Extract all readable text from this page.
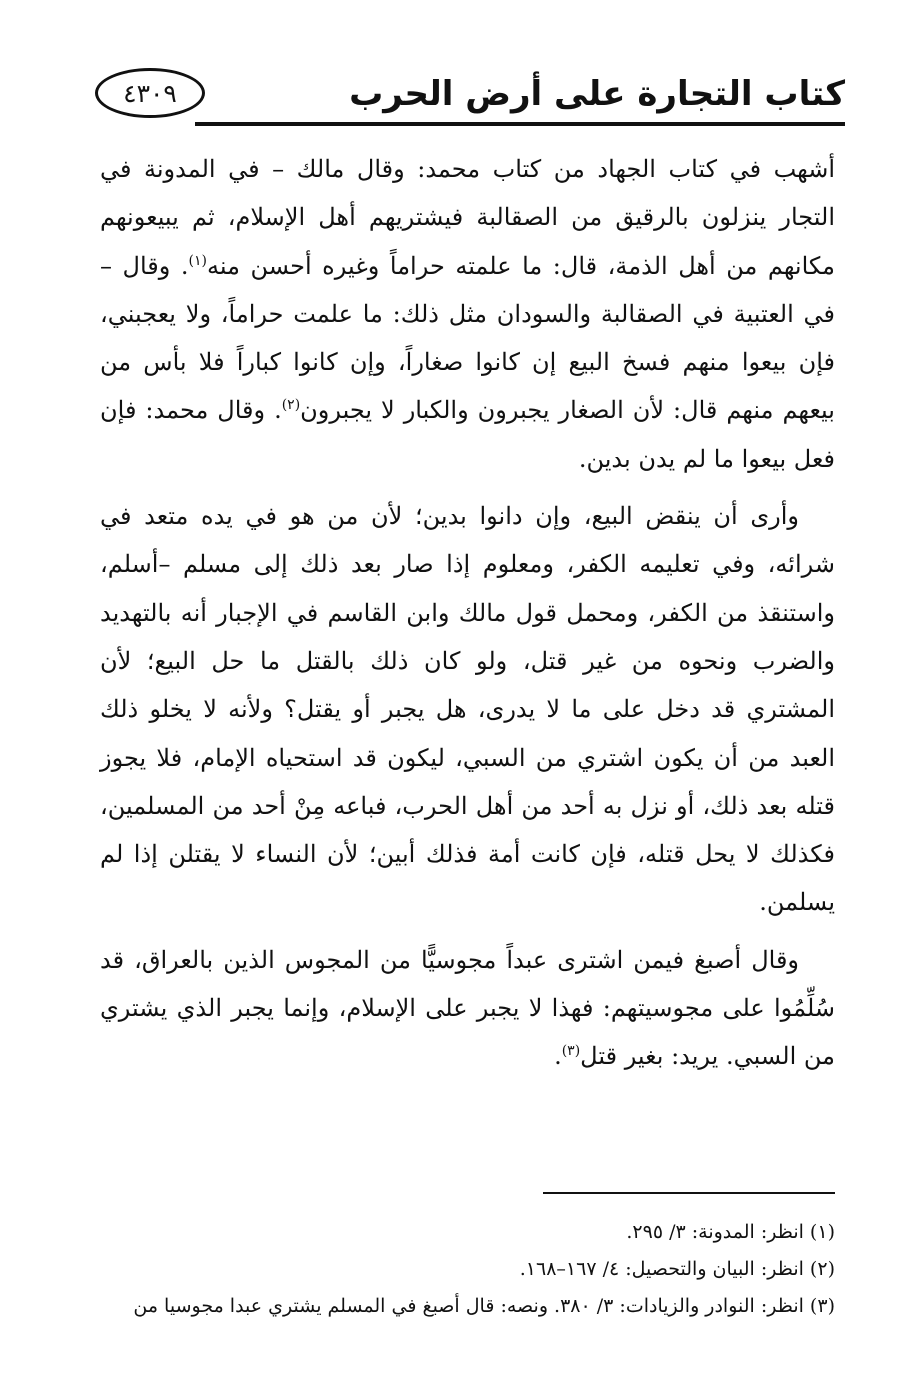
٤٣٠٩	كتاب التجارة على أرض الحرب

أشهب في كتاب الجهاد من كتاب محمد: وقال مالك – في المدونة في التجار ينزلون بالرقيق من الصقالبة فيشتريهم أهل الإسلام، ثم يبيعونهم مكانهم من أهل الذمة، قال: ما علمته حراماً وغيره أحسن منه$^{(١)}$. وقال – في العتبية في الصقالبة والسودان مثل ذلك: ما علمت حراماً، ولا يعجبني، فإن بيعوا منهم فسخ البيع إن كانوا صغاراً، وإن كانوا كباراً فلا بأس من بيعهم منهم قال: لأن الصغار يجبرون والكبار لا يجبرون$^{(٢)}$. وقال محمد: فإن فعل بيعوا ما لم يدن بدين.

وأرى أن ينقض البيع، وإن دانوا بدين؛ لأن من هو في يده متعد في شرائه، وفي تعليمه الكفر، ومعلوم إذا صار بعد ذلك إلى مسلم –أسلم، واستنقذ من الكفر، ومحمل قول مالك وابن القاسم في الإجبار أنه بالتهديد والضرب ونحوه من غير قتل، ولو كان ذلك بالقتل ما حل البيع؛ لأن المشتري قد دخل على ما لا يدرى، هل يجبر أو يقتل؟ ولأنه لا يخلو ذلك العبد من أن يكون اشتري من السبي، ليكون قد استحياه الإمام، فلا يجوز قتله بعد ذلك، أو نزل به أحد من أهل الحرب، فباعه مِنْ أحد من المسلمين، فكذلك لا يحل قتله، فإن كانت أمة فذلك أبين؛ لأن النساء لا يقتلن إذا لم يسلمن.

وقال أصبغ فيمن اشترى عبداً مجوسيًّا من المجوس الذين بالعراق، قد سُلِّمُوا على مجوسيتهم: فهذا لا يجبر على الإسلام، وإنما يجبر الذي يشتري من السبي. يريد: بغير قتل$^{(٣)}$.

(١) انظر: المدونة: ٣/ ٢٩٥.
(٢) انظر: البيان والتحصيل: ٤/ ١٦٧–١٦٨.
(٣) انظر: النوادر والزيادات: ٣/ ٣٨٠. ونصه: قال أصبغ في المسلم يشتري عبدا مجوسيا من
